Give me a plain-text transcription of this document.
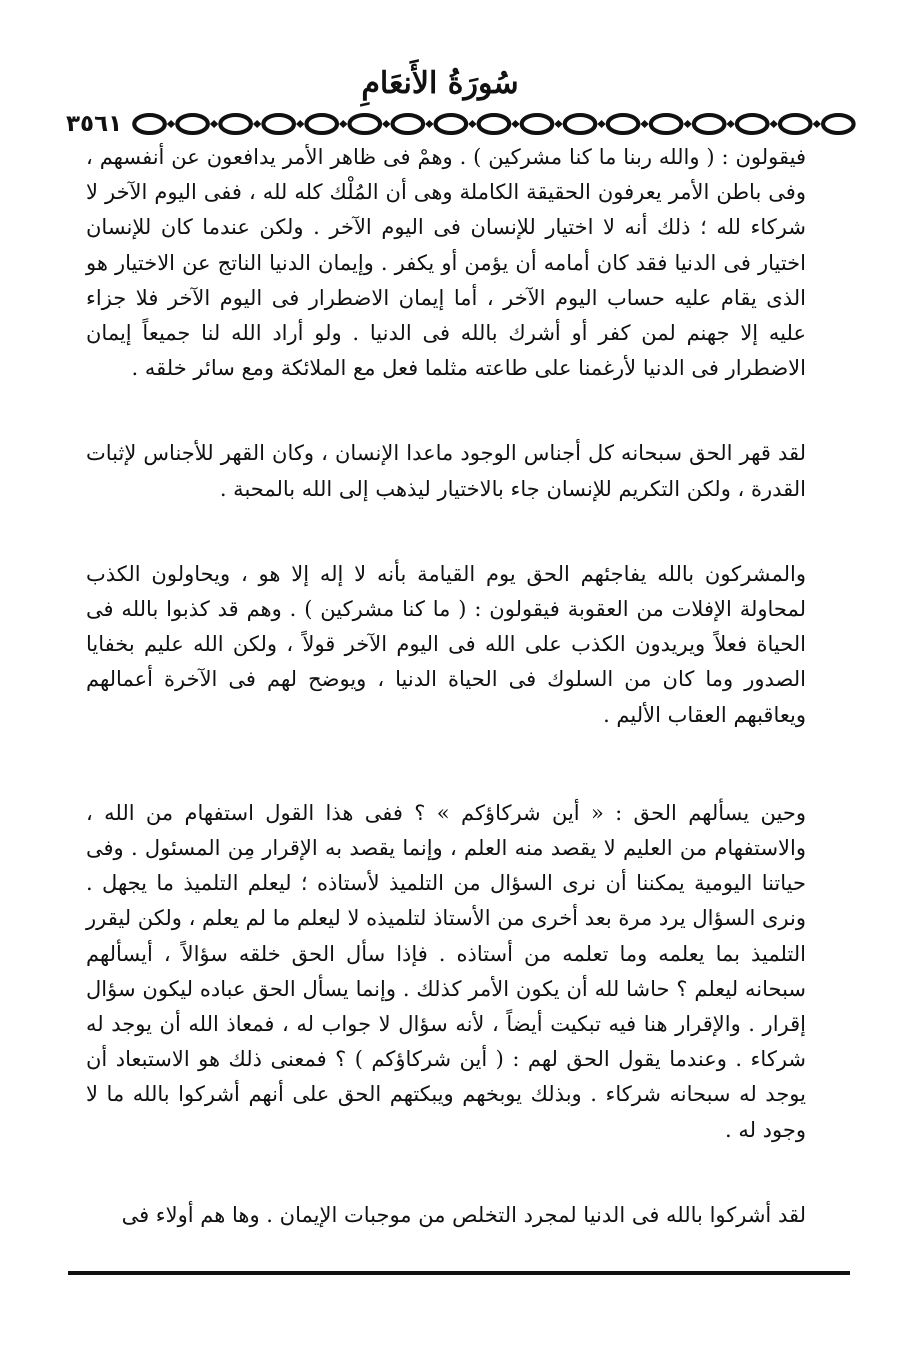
سُورَةُ الأَنعَامِ
٣٥٦١

فيقولون : ( والله ربنا ما كنا مشركين ) . وهمْ فى ظاهر الأمر يدافعون عن أنفسهم ، وفى باطن الأمر يعرفون الحقيقة الكاملة وهى أن المُلْك كله لله ، ففى اليوم الآخر لا شركاء لله ؛ ذلك أنه لا اختيار للإنسان فى اليوم الآخر . ولكن عندما كان للإنسان اختيار فى الدنيا فقد كان أمامه أن يؤمن أو يكفر . وإيمان الدنيا الناتج عن الاختيار هو الذى يقام عليه حساب اليوم الآخر ، أما إيمان الاضطرار فى اليوم الآخر فلا جزاء عليه إلا جهنم لمن كفر أو أشرك بالله فى الدنيا . ولو أراد الله لنا جميعاً إيمان الاضطرار فى الدنيا لأرغمنا على طاعته مثلما فعل مع الملائكة ومع سائر خلقه .

لقد قهر الحق سبحانه كل أجناس الوجود ماعدا الإنسان ، وكان القهر للأجناس لإثبات القدرة ، ولكن التكريم للإنسان جاء بالاختيار ليذهب إلى الله بالمحبة .

والمشركون بالله يفاجئهم الحق يوم القيامة بأنه لا إله إلا هو ، ويحاولون الكذب لمحاولة الإفلات من العقوبة فيقولون : ( ما كنا مشركين ) . وهم قد كذبوا بالله فى الحياة فعلاً ويريدون الكذب على الله فى اليوم الآخر قولاً ، ولكن الله عليم بخفايا الصدور وما كان من السلوك فى الحياة الدنيا ، ويوضح لهم فى الآخرة أعمالهم ويعاقبهم العقاب الأليم .

وحين يسألهم الحق : « أين شركاؤكم » ؟ ففى هذا القول استفهام من الله ، والاستفهام من العليم لا يقصد منه العلم ، وإنما يقصد به الإقرار مِن المسئول . وفى حياتنا اليومية يمكننا أن نرى السؤال من التلميذ لأستاذه ؛ ليعلم التلميذ ما يجهل . ونرى السؤال يرد مرة بعد أخرى من الأستاذ لتلميذه لا ليعلم ما لم يعلم ، ولكن ليقرر التلميذ بما يعلمه وما تعلمه من أستاذه . فإذا سأل الحق خلقه سؤالاً ، أيسألهم سبحانه ليعلم ؟ حاشا لله أن يكون الأمر كذلك . وإنما يسأل الحق عباده ليكون سؤال إقرار . والإقرار هنا فيه تبكيت أيضاً ، لأنه سؤال لا جواب له ، فمعاذ الله أن يوجد له شركاء . وعندما يقول الحق لهم : ( أين شركاؤكم ) ؟ فمعنى ذلك هو الاستبعاد أن يوجد له سبحانه شركاء . وبذلك يوبخهم ويبكتهم الحق على أنهم أشركوا بالله ما لا وجود له .

لقد أشركوا بالله فى الدنيا لمجرد التخلص من موجبات الإيمان . وها هم أولاء فى
